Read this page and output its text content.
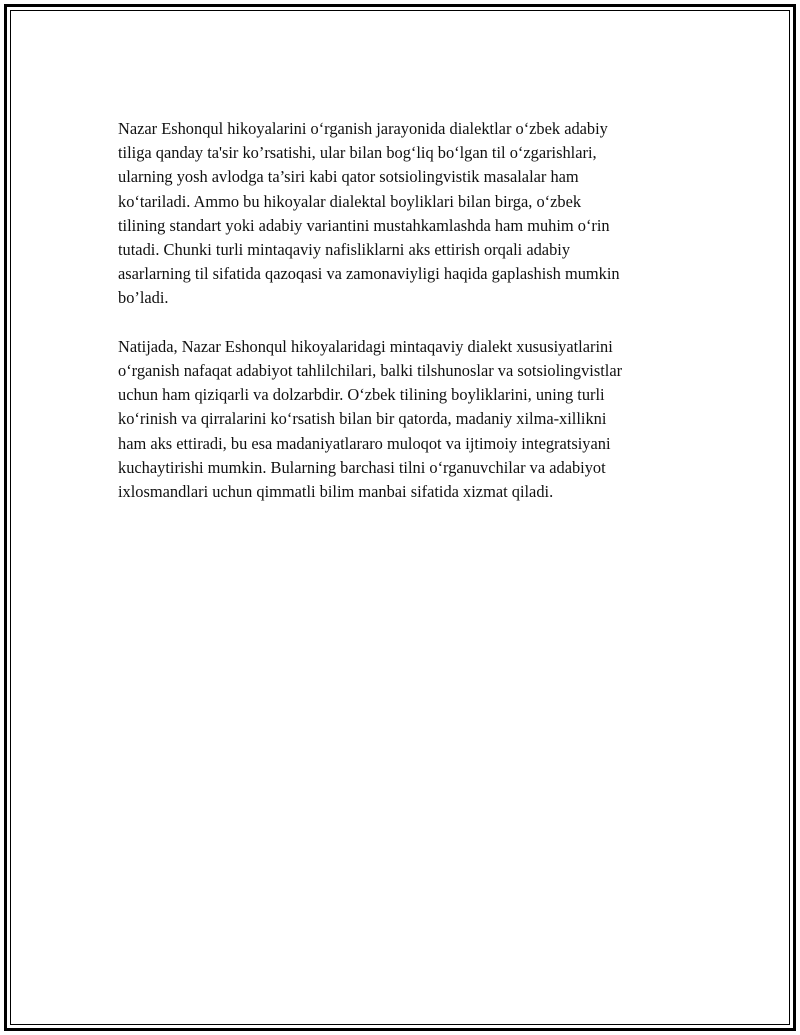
Nazar Eshonqul hikoyalarini o‘rganish jarayonida dialektlar o‘zbek adabiy
tiliga qanday ta'sir ko’rsatishi, ular bilan bog‘liq bo‘lgan til o‘zgarishlari,
ularning yosh avlodga ta’siri kabi qator sotsiolingvistik masalalar ham
ko‘tariladi. Ammo bu hikoyalar dialektal boyliklari bilan birga, o‘zbek
tilining standart yoki adabiy variantini mustahkamlashda ham muhim o‘rin
tutadi. Chunki turli mintaqaviy nafisliklarni aks ettirish orqali adabiy
asarlarning til sifatida qazoqasi va zamonaviyligi haqida gaplashish mumkin
bo’ladi.

Natijada, Nazar Eshonqul hikoyalaridagi mintaqaviy dialekt xususiyatlarini
o‘rganish nafaqat adabiyot tahlilchilari, balki tilshunoslar va sotsiolingvistlar
uchun ham qiziqarli va dolzarbdir. O‘zbek tilining boyliklarini, uning turli
ko‘rinish va qirralarini ko‘rsatish bilan bir qatorda, madaniy xilma-xillikni
ham aks ettiradi, bu esa madaniyatlararo muloqot va ijtimoiy integratsiyani
kuchaytirishi mumkin. Bularning barchasi tilni o‘rganuvchilar va adabiyot
ixlosmandlari uchun qimmatli bilim manbai sifatida xizmat qiladi.
